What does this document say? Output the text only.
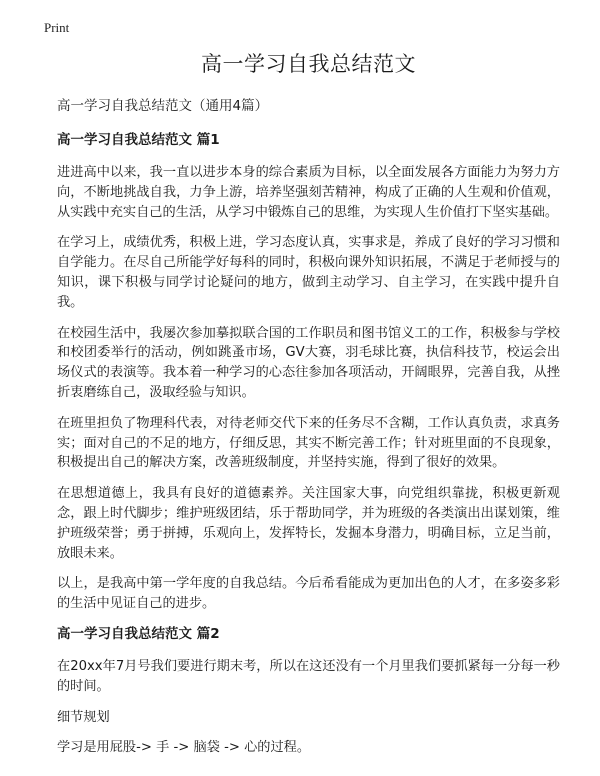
Print
高一学习自我总结范文

高一学习自我总结范文（通用4篇）

高一学习自我总结范文 篇1

进进高中以来，我一直以进步本身的综合素质为目标，以全面发展各方面能力为努力方向，不断地挑战自我，力争上游，培养坚强刻苦精神，构成了正确的人生观和价值观，从实践中充实自己的生活，从学习中锻炼自己的思维，为实现人生价值打下坚实基础。

在学习上，成绩优秀，积极上进，学习态度认真，实事求是，养成了良好的学习习惯和自学能力。在尽自己所能学好每科的同时，积极向课外知识拓展，不满足于老师授与的知识，课下积极与同学讨论疑问的地方，做到主动学习、自主学习，在实践中提升自我。

在校园生活中，我屡次参加摹拟联合国的工作职员和图书馆义工的工作，积极参与学校和校团委举行的活动，例如跳蚤市场，GV大赛，羽毛球比赛，执信科技节，校运会出场仪式的表演等。我本着一种学习的心态往参加各项活动，开阔眼界，完善自我，从挫折衷磨练自己，汲取经验与知识。

在班里担负了物理科代表，对待老师交代下来的任务尽不含糊，工作认真负责，求真务实；面对自己的不足的地方，仔细反思，其实不断完善工作；针对班里面的不良现象，积极提出自己的解决方案，改善班级制度，并坚持实施，得到了很好的效果。

在思想道德上，我具有良好的道德素养。关注国家大事，向党组织靠拢，积极更新观念，跟上时代脚步；维护班级团结，乐于帮助同学，并为班级的各类演出出谋划策，维护班级荣誉；勇于拼搏，乐观向上，发挥特长，发掘本身潜力，明确目标，立足当前，放眼未来。

以上，是我高中第一学年度的自我总结。今后希看能成为更加出色的人才，在多姿多彩的生活中见证自己的进步。

高一学习自我总结范文 篇2

在20xx年7月号我们要进行期末考，所以在这还没有一个月里我们要抓紧每一分每一秒的时间。

细节规划

学习是用屁股-> 手 -> 脑袋 -> 心的过程。
